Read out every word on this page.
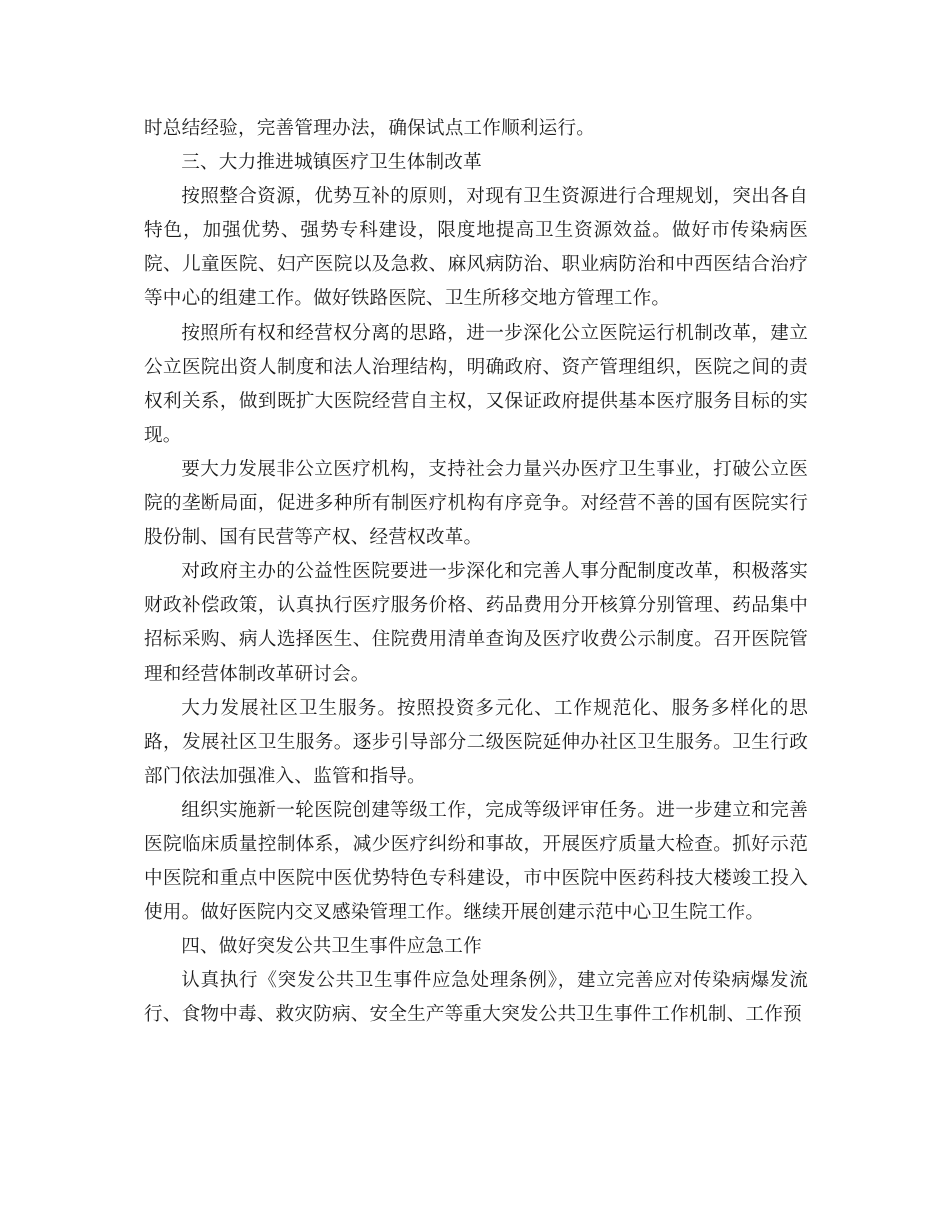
时总结经验，完善管理办法，确保试点工作顺利运行。

三、大力推进城镇医疗卫生体制改革

按照整合资源，优势互补的原则，对现有卫生资源进行合理规划，突出各自特色，加强优势、强势专科建设，限度地提高卫生资源效益。做好市传染病医院、儿童医院、妇产医院以及急救、麻风病防治、职业病防治和中西医结合治疗等中心的组建工作。做好铁路医院、卫生所移交地方管理工作。

按照所有权和经营权分离的思路，进一步深化公立医院运行机制改革，建立公立医院出资人制度和法人治理结构，明确政府、资产管理组织，医院之间的责权利关系，做到既扩大医院经营自主权，又保证政府提供基本医疗服务目标的实现。

要大力发展非公立医疗机构，支持社会力量兴办医疗卫生事业，打破公立医院的垄断局面，促进多种所有制医疗机构有序竞争。对经营不善的国有医院实行股份制、国有民营等产权、经营权改革。

对政府主办的公益性医院要进一步深化和完善人事分配制度改革，积极落实财政补偿政策，认真执行医疗服务价格、药品费用分开核算分别管理、药品集中招标采购、病人选择医生、住院费用清单查询及医疗收费公示制度。召开医院管理和经营体制改革研讨会。

大力发展社区卫生服务。按照投资多元化、工作规范化、服务多样化的思路，发展社区卫生服务。逐步引导部分二级医院延伸办社区卫生服务。卫生行政部门依法加强准入、监管和指导。

组织实施新一轮医院创建等级工作，完成等级评审任务。进一步建立和完善医院临床质量控制体系，减少医疗纠纷和事故，开展医疗质量大检查。抓好示范中医院和重点中医院中医优势特色专科建设，市中医院中医药科技大楼竣工投入使用。做好医院内交叉感染管理工作。继续开展创建示范中心卫生院工作。

四、做好突发公共卫生事件应急工作

认真执行《突发公共卫生事件应急处理条例》，建立完善应对传染病爆发流行、食物中毒、救灾防病、安全生产等重大突发公共卫生事件工作机制、工作预
